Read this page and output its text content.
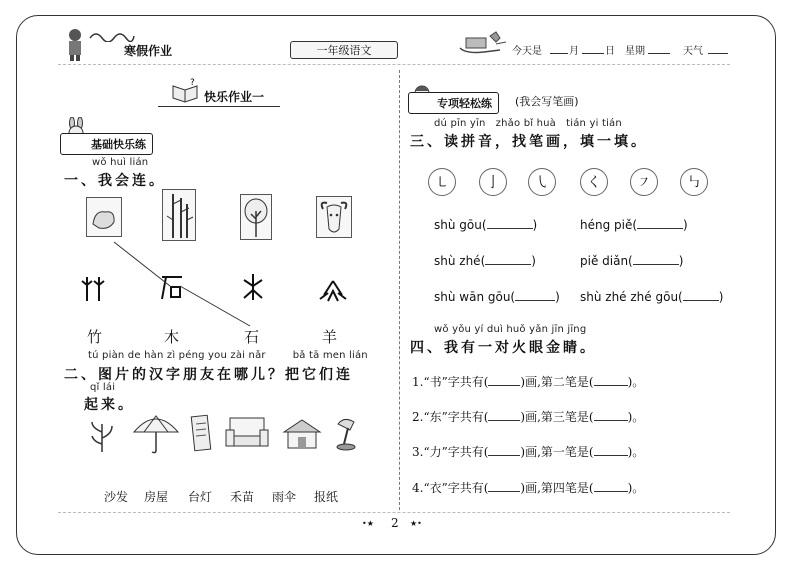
寒假作业	一年级语文	今天是	月	日 星期	天气
?
快乐作业一
基础快乐练
wǒ huì lián
一、我会连。
竹	木	石	羊
tú piàn de hàn zì péng you zài nǎr        bǎ tā men lián
二、图片的汉字朋友在哪儿？把它们连
qǐ lái
起来。
沙发 房屋 台灯 禾苗 雨伞 报纸
专项轻松练	(我会写笔画)
dú pīn yīn   zhǎo bǐ huà   tián yi tián
三、读拼音，找笔画，填一填。
㇄	亅	㇂	く	㇇	㇉
shù gōu(	)	héng piě(	)
shù zhé(	)	piě diǎn(	)
shù wān gōu(	) shù zhé zhé gōu(	)
wǒ yǒu yí duì huǒ yǎn jīn jīng
四、我有一对火眼金睛。
1.“书”字共有(	)画,第二笔是(	)。
2.“东”字共有(	)画,第三笔是(	)。
3.“力”字共有(	)画,第一笔是(	)。
4.“衣”字共有(	)画,第四笔是(	)。
•★ 2 ★•
